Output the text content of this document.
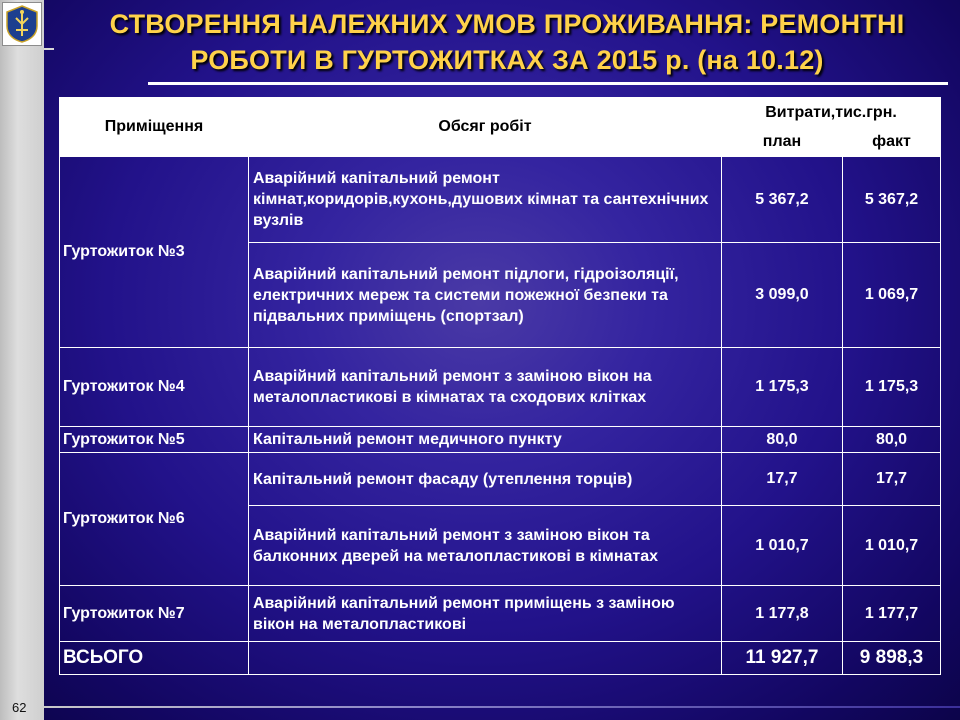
СТВОРЕННЯ НАЛЕЖНИХ УМОВ ПРОЖИВАННЯ: РЕМОНТНІ
РОБОТИ В ГУРТОЖИТКАХ ЗА 2015 р. (на 10.12)
Приміщення	Обсяг робіт	Витрати,тис.грн.	
		план	факт
Гуртожиток №3	Аварійний капітальний ремонт кімнат,коридорів,кухонь,душових кімнат та сантехнічних вузлів	5 367,2	5 367,2
	Аварійний капітальний ремонт підлоги, гідроізоляції, електричних мереж та системи пожежної безпеки та підвальних приміщень (спортзал)	3 099,0	1 069,7
Гуртожиток №4	Аварійний капітальний ремонт з заміною вікон на металопластикові в кімнатах та сходових клітках	1 175,3	1 175,3
Гуртожиток №5	Капітальний ремонт медичного пункту	80,0	80,0
Гуртожиток №6	Капітальний ремонт фасаду (утеплення торців)	17,7	17,7
	Аварійний капітальний ремонт з заміною вікон та балконних дверей на металопластикові в кімнатах	1 010,7	1 010,7
Гуртожиток №7	Аварійний капітальний ремонт приміщень з заміною вікон на металопластикові	1 177,8	1 177,7
ВСЬОГО		11 927,7	9 898,3
62
